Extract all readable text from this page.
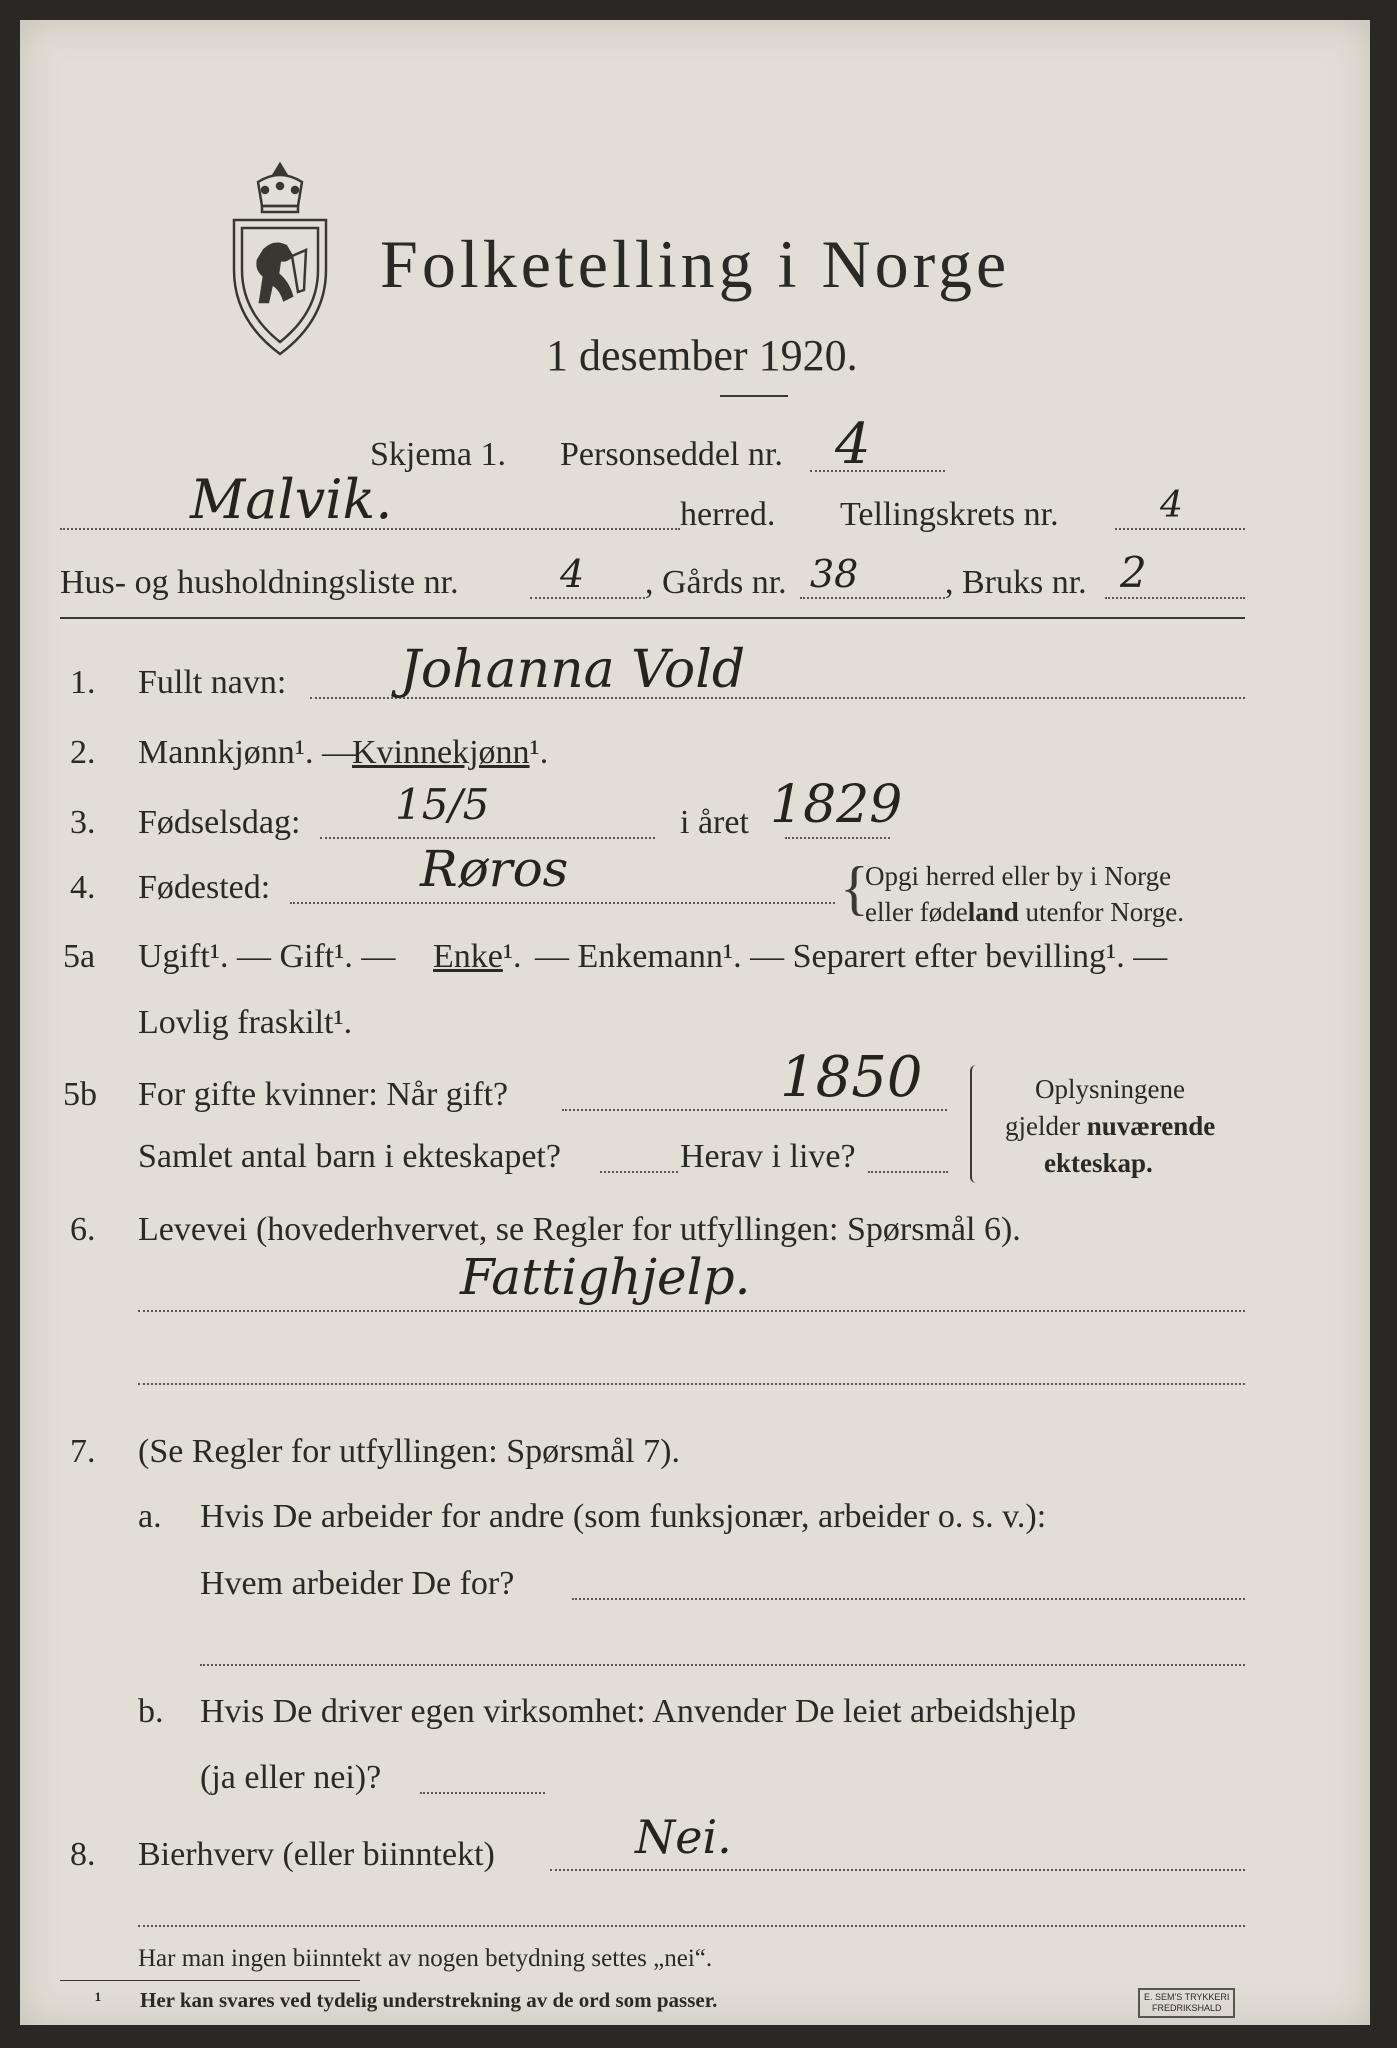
Folketelling i Norge
1 desember 1920.
Skjema 1. Personseddel nr. 4
Malvik.	herred. Tellingskrets nr.	4
Hus- og husholdningsliste nr.	4 , Gårds nr. 38	, Bruks nr. 2
1. Fullt navn: Johanna Vold
2. Mannkjønn¹. —
Kvinnekjønn¹.
3. Fødselsdag: 15/5	i året 1829
4. Fødested:	Røros	{
Opgi herred eller by i Norge
eller fødeland utenfor Norge.
5a Ugift¹. — Gift¹. — Enke¹. — Enkemann¹. — Separert efter bevilling¹. —
Lovlig fraskilt¹.
5b For gifte kvinner: Når gift?	1850
Samlet antal barn i ekteskapet?	Herav i live?
Oplysningene
gjelder nuværende
ekteskap.
6. Levevei (hovederhvervet, se Regler for utfyllingen: Spørsmål 6).
Fattighjelp.
7. (Se Regler for utfyllingen: Spørsmål 7).
a. Hvis De arbeider for andre (som funksjonær, arbeider o. s. v.):
Hvem arbeider De for?
b. Hvis De driver egen virksomhet: Anvender De leiet arbeidshjelp
(ja eller nei)?
8. Bierhverv (eller biinntekt)	Nei.
Har man ingen biinntekt av nogen betydning settes „nei“.
¹ Her kan svares ved tydelig understrekning av de ord som passer.	E. SEM'S TRYKKERI
FREDRIKSHALD
